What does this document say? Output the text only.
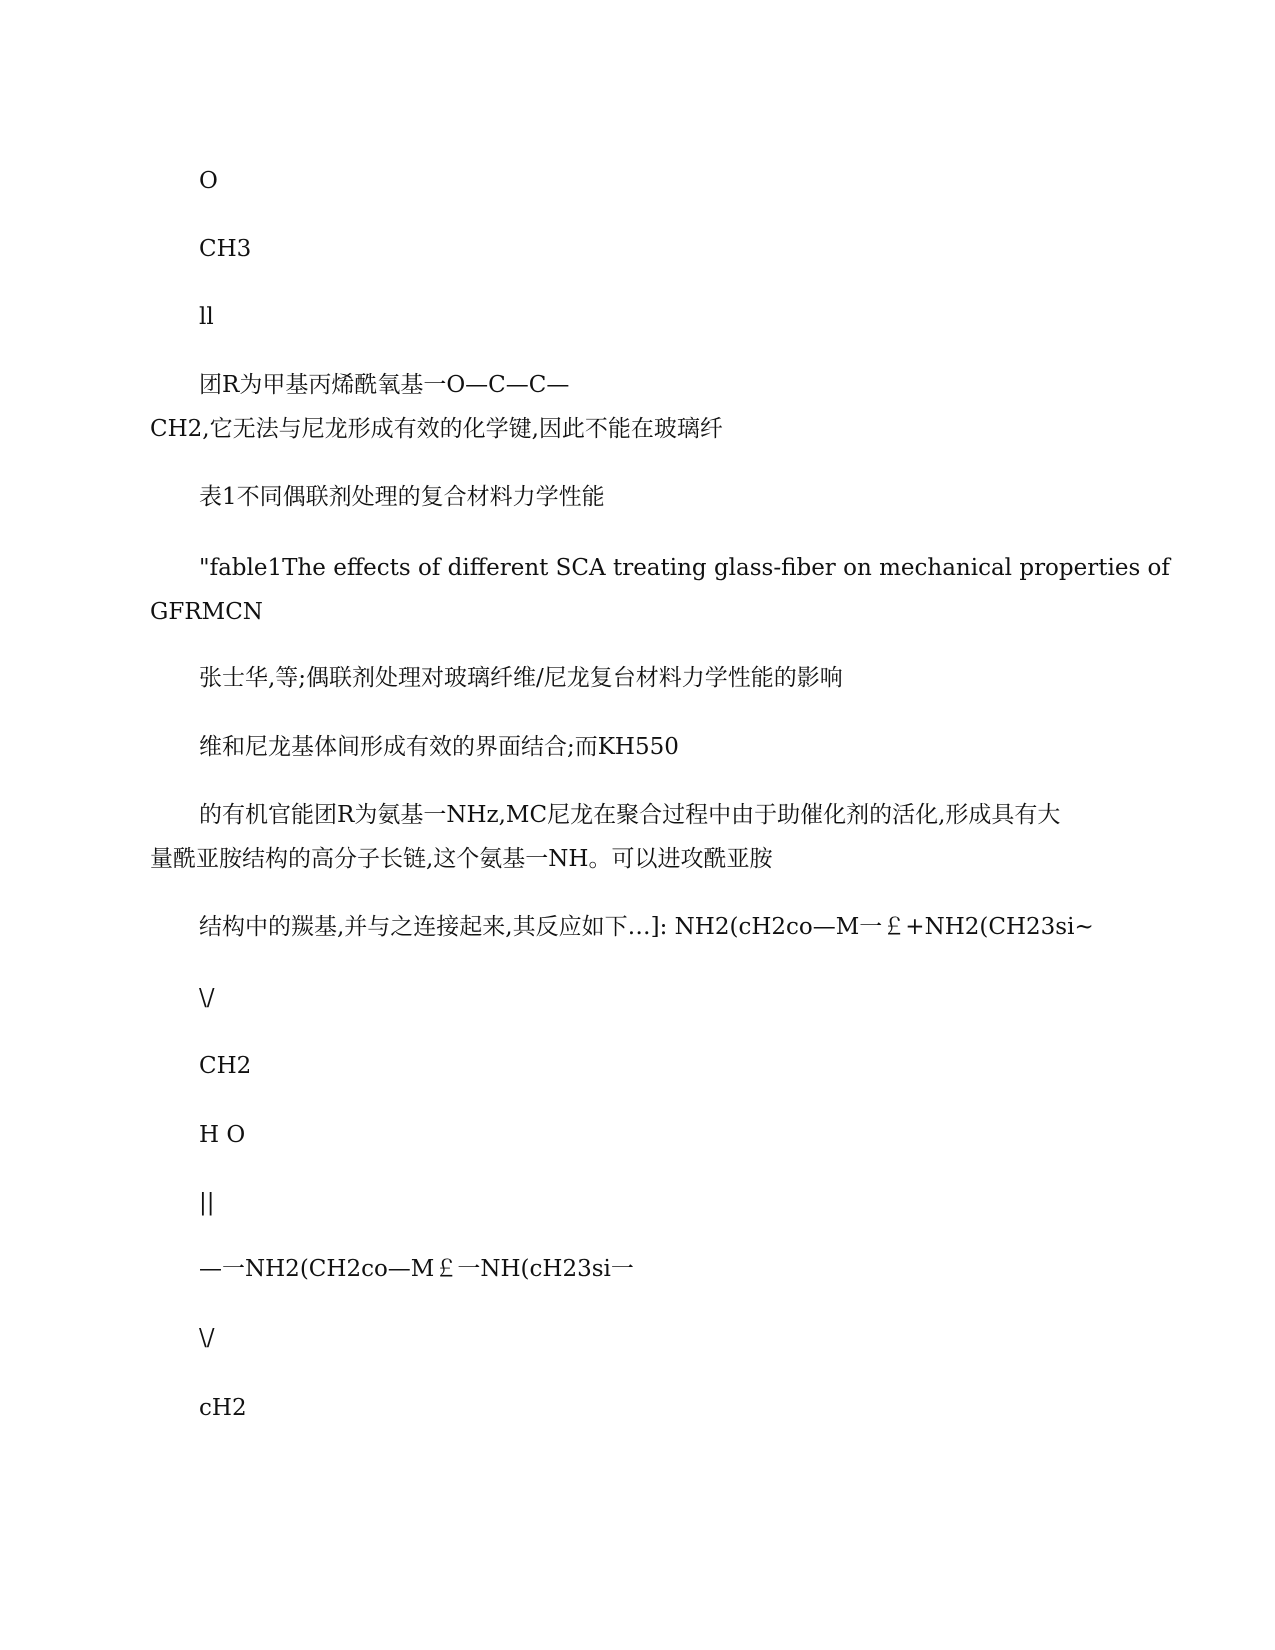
O
CH3
ll
团R为甲基丙烯酰氧基一O—C—C—
CH2,它无法与尼龙形成有效的化学键,因此不能在玻璃纤
表1不同偶联剂处理的复合材料力学性能
"fable1The effects of different SCA treating glass-fiber on mechanical properties of
GFRMCN
张士华,等;偶联剂处理对玻璃纤维/尼龙复台材料力学性能的影响
维和尼龙基体间形成有效的界面结合;而KH550
的有机官能团R为氨基一NHz,MC尼龙在聚合过程中由于助催化剂的活化,形成具有大
量酰亚胺结构的高分子长链,这个氨基一NH。可以进攻酰亚胺
结构中的羰基,并与之连接起来,其反应如下…]: NH2(cH2co—M一￡+NH2(CH23si~
\/
CH2
H O
||
—一NH2(CH2co—M￡一NH(cH23si一
\/
cH2
